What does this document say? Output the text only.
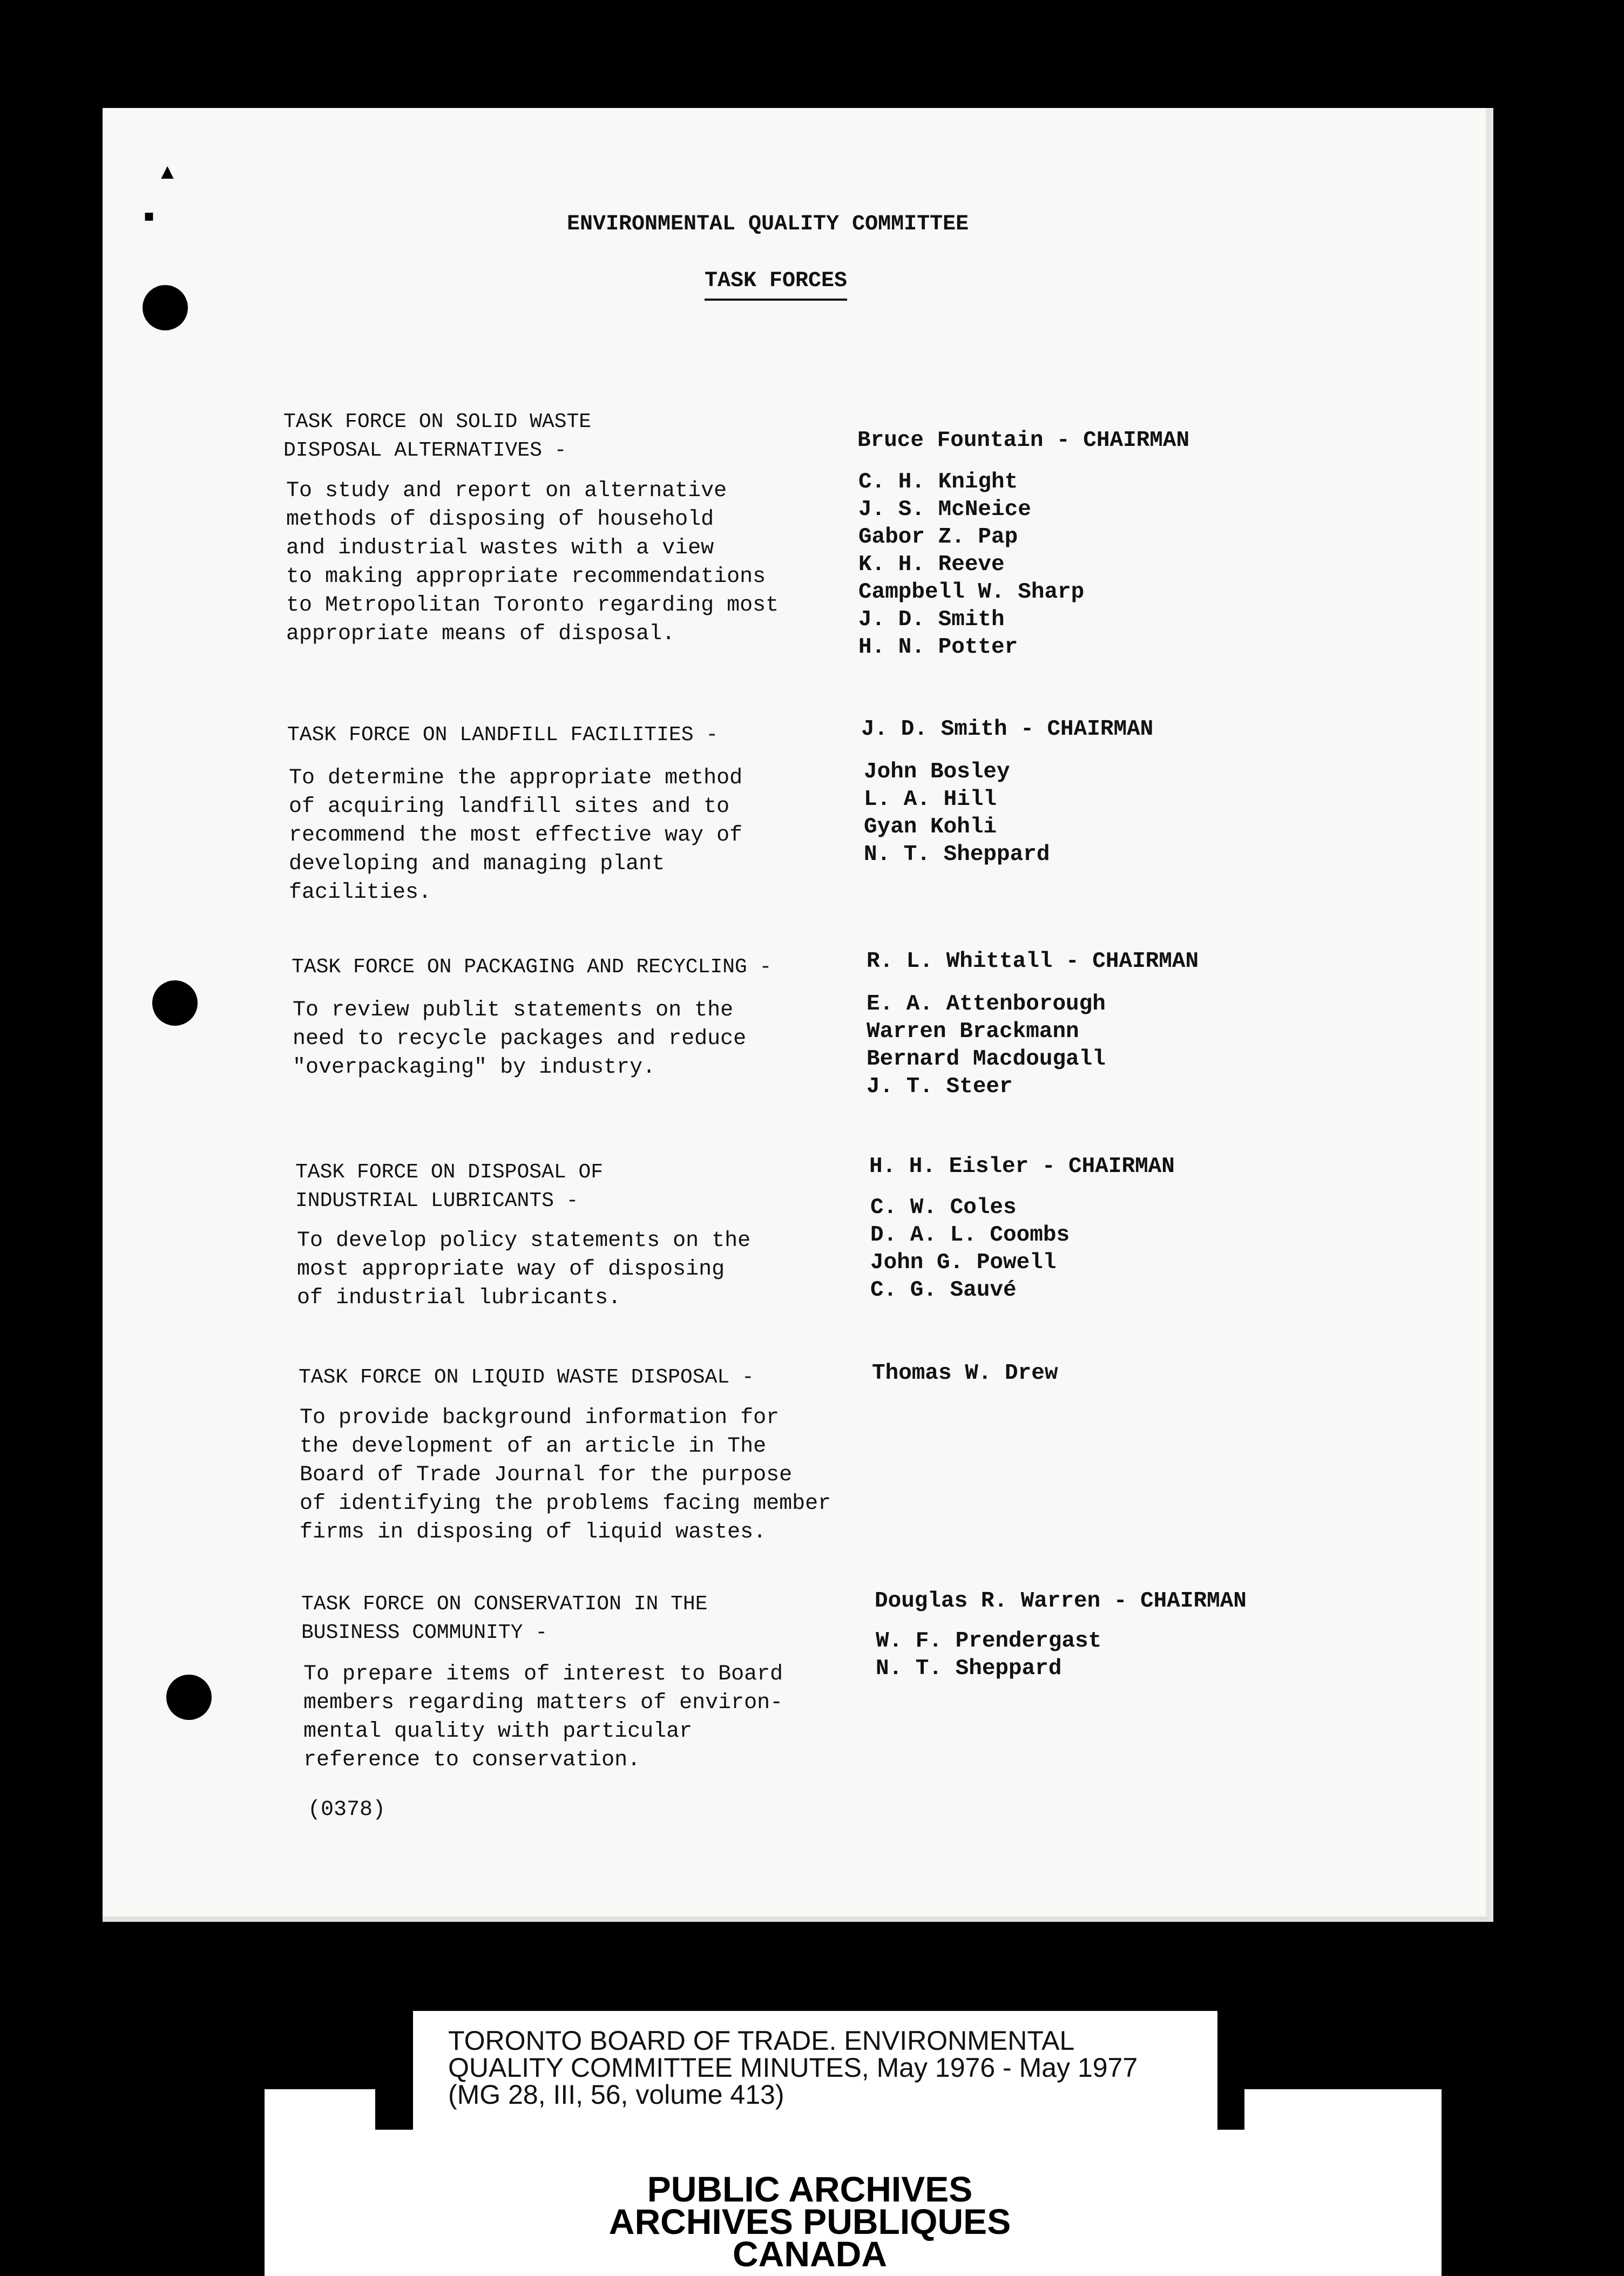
▴
▪	ENVIRONMENTAL QUALITY COMMITTEE
TASK FORCES
TASK FORCE ON SOLID WASTE
DISPOSAL ALTERNATIVES -
To study and report on alternative
methods of disposing of household
and industrial wastes with a view
to making appropriate recommendations
to Metropolitan Toronto regarding most
appropriate means of disposal.
Bruce Fountain - CHAIRMAN
C. H. Knight
J. S. McNeice
Gabor Z. Pap
K. H. Reeve
Campbell W. Sharp
J. D. Smith
H. N. Potter
TASK FORCE ON LANDFILL FACILITIES -
To determine the appropriate method
of acquiring landfill sites and to
recommend the most effective way of
developing and managing plant
facilities.
J. D. Smith - CHAIRMAN
John Bosley
L. A. Hill
Gyan Kohli
N. T. Sheppard
TASK FORCE ON PACKAGING AND RECYCLING -
To review publit statements on the
need to recycle packages and reduce
"overpackaging" by industry.
R. L. Whittall - CHAIRMAN
E. A. Attenborough
Warren Brackmann
Bernard Macdougall
J. T. Steer
TASK FORCE ON DISPOSAL OF
INDUSTRIAL LUBRICANTS -
To develop policy statements on the
most appropriate way of disposing
of industrial lubricants.
H. H. Eisler - CHAIRMAN
C. W. Coles
D. A. L. Coombs
John G. Powell
C. G. Sauvé
TASK FORCE ON LIQUID WASTE DISPOSAL -
To provide background information for
the development of an article in The
Board of Trade Journal for the purpose
of identifying the problems facing member
firms in disposing of liquid wastes.
Thomas W. Drew
TASK FORCE ON CONSERVATION IN THE
BUSINESS COMMUNITY -
To prepare items of interest to Board
members regarding matters of environ-
mental quality with particular
reference to conservation.
Douglas R. Warren - CHAIRMAN
W. F. Prendergast
N. T. Sheppard
(0378)
TORONTO BOARD OF TRADE. ENVIRONMENTAL
QUALITY COMMITTEE MINUTES, May 1976 - May 1977
(MG 28, III, 56, volume 413)
PUBLIC ARCHIVES
ARCHIVES PUBLIQUES
CANADA
